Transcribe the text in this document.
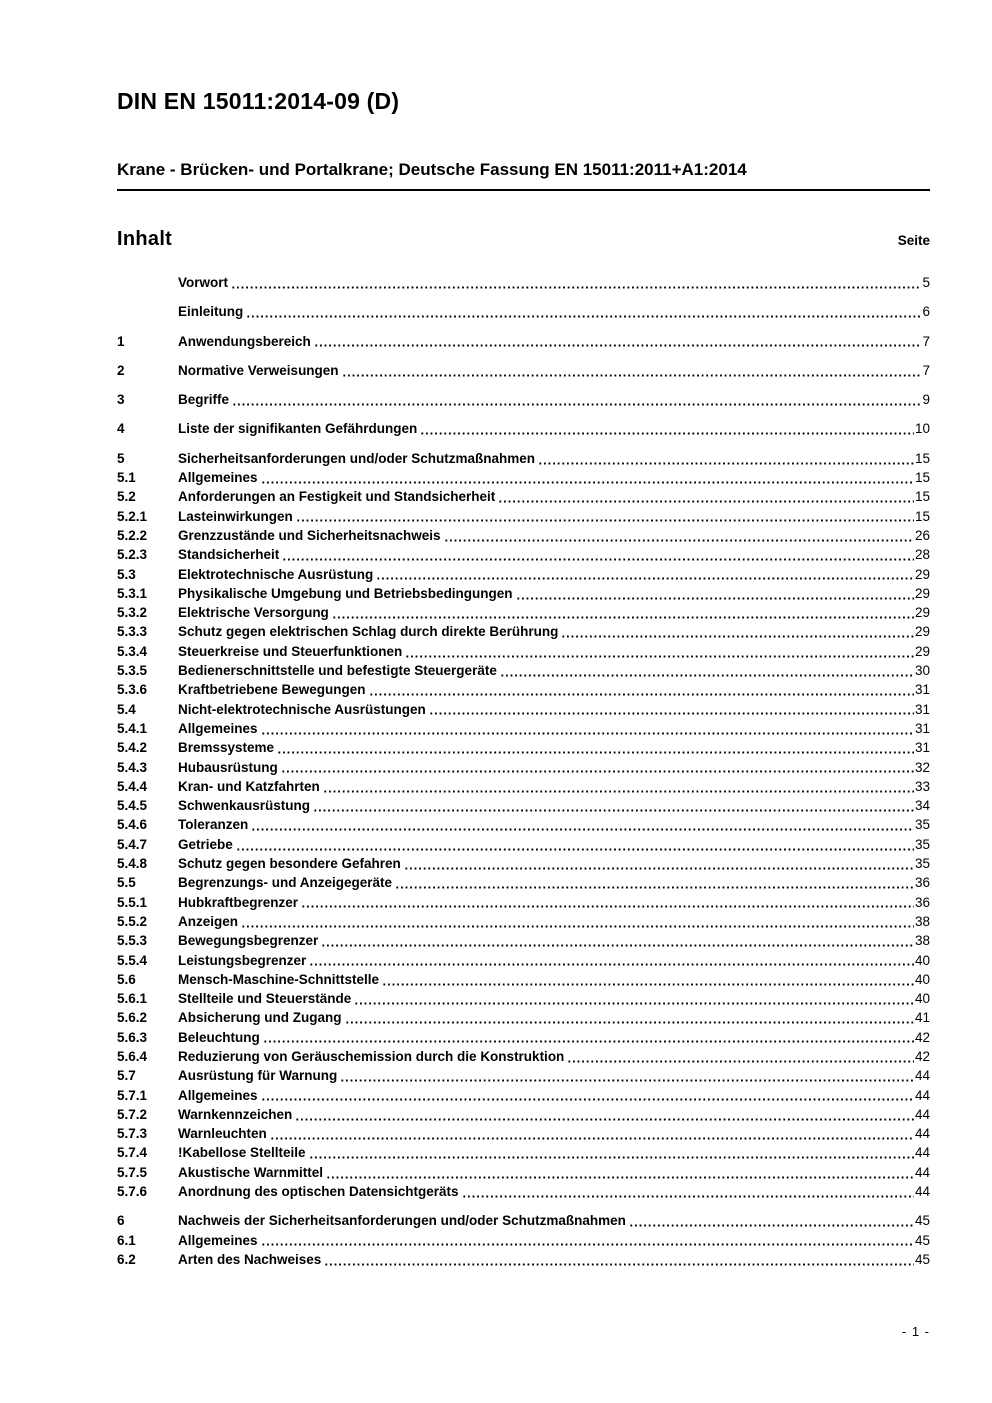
DIN EN 15011:2014-09 (D)
Krane - Brücken- und Portalkrane; Deutsche Fassung EN 15011:2011+A1:2014
Inhalt	Seite
Vorwort	5
Einleitung	6
1	Anwendungsbereich	7
2	Normative Verweisungen	7
3	Begriffe	9
4	Liste der signifikanten Gefährdungen	10
5	Sicherheitsanforderungen und/oder Schutzmaßnahmen	15
5.1	Allgemeines	15
5.2	Anforderungen an Festigkeit und Standsicherheit	15
5.2.1	Lasteinwirkungen	15
5.2.2	Grenzzustände und Sicherheitsnachweis	26
5.2.3	Standsicherheit	28
5.3	Elektrotechnische Ausrüstung	29
5.3.1	Physikalische Umgebung und Betriebsbedingungen	29
5.3.2	Elektrische Versorgung	29
5.3.3	Schutz gegen elektrischen Schlag durch direkte Berührung	29
5.3.4	Steuerkreise und Steuerfunktionen	29
5.3.5	Bedienerschnittstelle und befestigte Steuergeräte	30
5.3.6	Kraftbetriebene Bewegungen	31
5.4	Nicht-elektrotechnische Ausrüstungen	31
5.4.1	Allgemeines	31
5.4.2	Bremssysteme	31
5.4.3	Hubausrüstung	32
5.4.4	Kran- und Katzfahrten	33
5.4.5	Schwenkausrüstung	34
5.4.6	Toleranzen	35
5.4.7	Getriebe	35
5.4.8	Schutz gegen besondere Gefahren	35
5.5	Begrenzungs- und Anzeigegeräte	36
5.5.1	Hubkraftbegrenzer	36
5.5.2	Anzeigen	38
5.5.3	Bewegungsbegrenzer	38
5.5.4	Leistungsbegrenzer	40
5.6	Mensch-Maschine-Schnittstelle	40
5.6.1	Stellteile und Steuerstände	40
5.6.2	Absicherung und Zugang	41
5.6.3	Beleuchtung	42
5.6.4	Reduzierung von Geräuschemission durch die Konstruktion	42
5.7	Ausrüstung für Warnung	44
5.7.1	Allgemeines	44
5.7.2	Warnkennzeichen	44
5.7.3	Warnleuchten	44
5.7.4	!Kabellose Stellteile	44
5.7.5	Akustische Warnmittel	44
5.7.6	Anordnung des optischen Datensichtgeräts	44
6	Nachweis der Sicherheitsanforderungen und/oder Schutzmaßnahmen	45
6.1	Allgemeines	45
6.2	Arten des Nachweises	45
- 1 -
